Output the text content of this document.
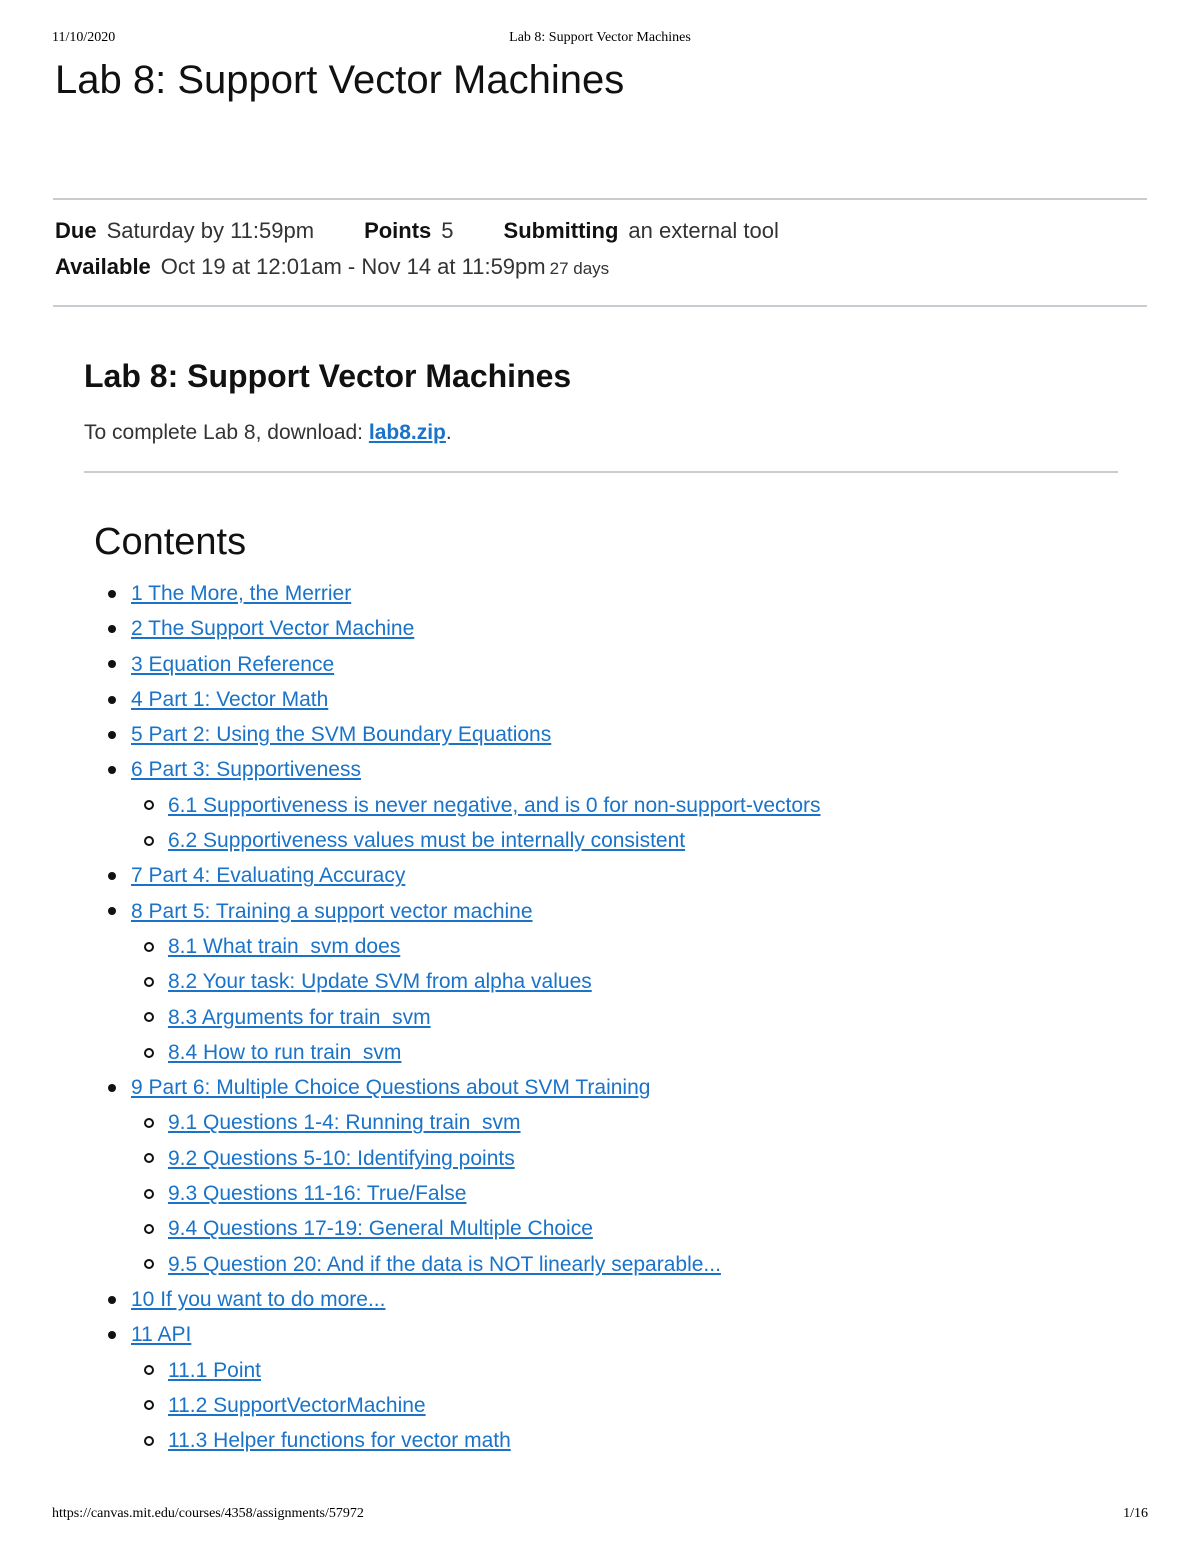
11/10/2020	Lab 8: Support Vector Machines
Lab 8: Support Vector Machines
Due Saturday by 11:59pm Points 5 Submitting an external tool
Available Oct 19 at 12:01am - Nov 14 at 11:59pm 27 days
Lab 8: Support Vector Machines

To complete Lab 8, download: lab8.zip.

Contents
1 The More, the Merrier
2 The Support Vector Machine
3 Equation Reference
4 Part 1: Vector Math
5 Part 2: Using the SVM Boundary Equations
6 Part 3: Supportiveness
6.1 Supportiveness is never negative, and is 0 for non-support-vectors
6.2 Supportiveness values must be internally consistent
7 Part 4: Evaluating Accuracy
8 Part 5: Training a support vector machine
8.1 What train_svm does
8.2 Your task: Update SVM from alpha values
8.3 Arguments for train_svm
8.4 How to run train_svm
9 Part 6: Multiple Choice Questions about SVM Training
9.1 Questions 1-4: Running train_svm
9.2 Questions 5-10: Identifying points
9.3 Questions 11-16: True/False
9.4 Questions 17-19: General Multiple Choice
9.5 Question 20: And if the data is NOT linearly separable...
10 If you want to do more...
11 API
11.1 Point
11.2 SupportVectorMachine
11.3 Helper functions for vector math
https://canvas.mit.edu/courses/4358/assignments/57972	1/16
